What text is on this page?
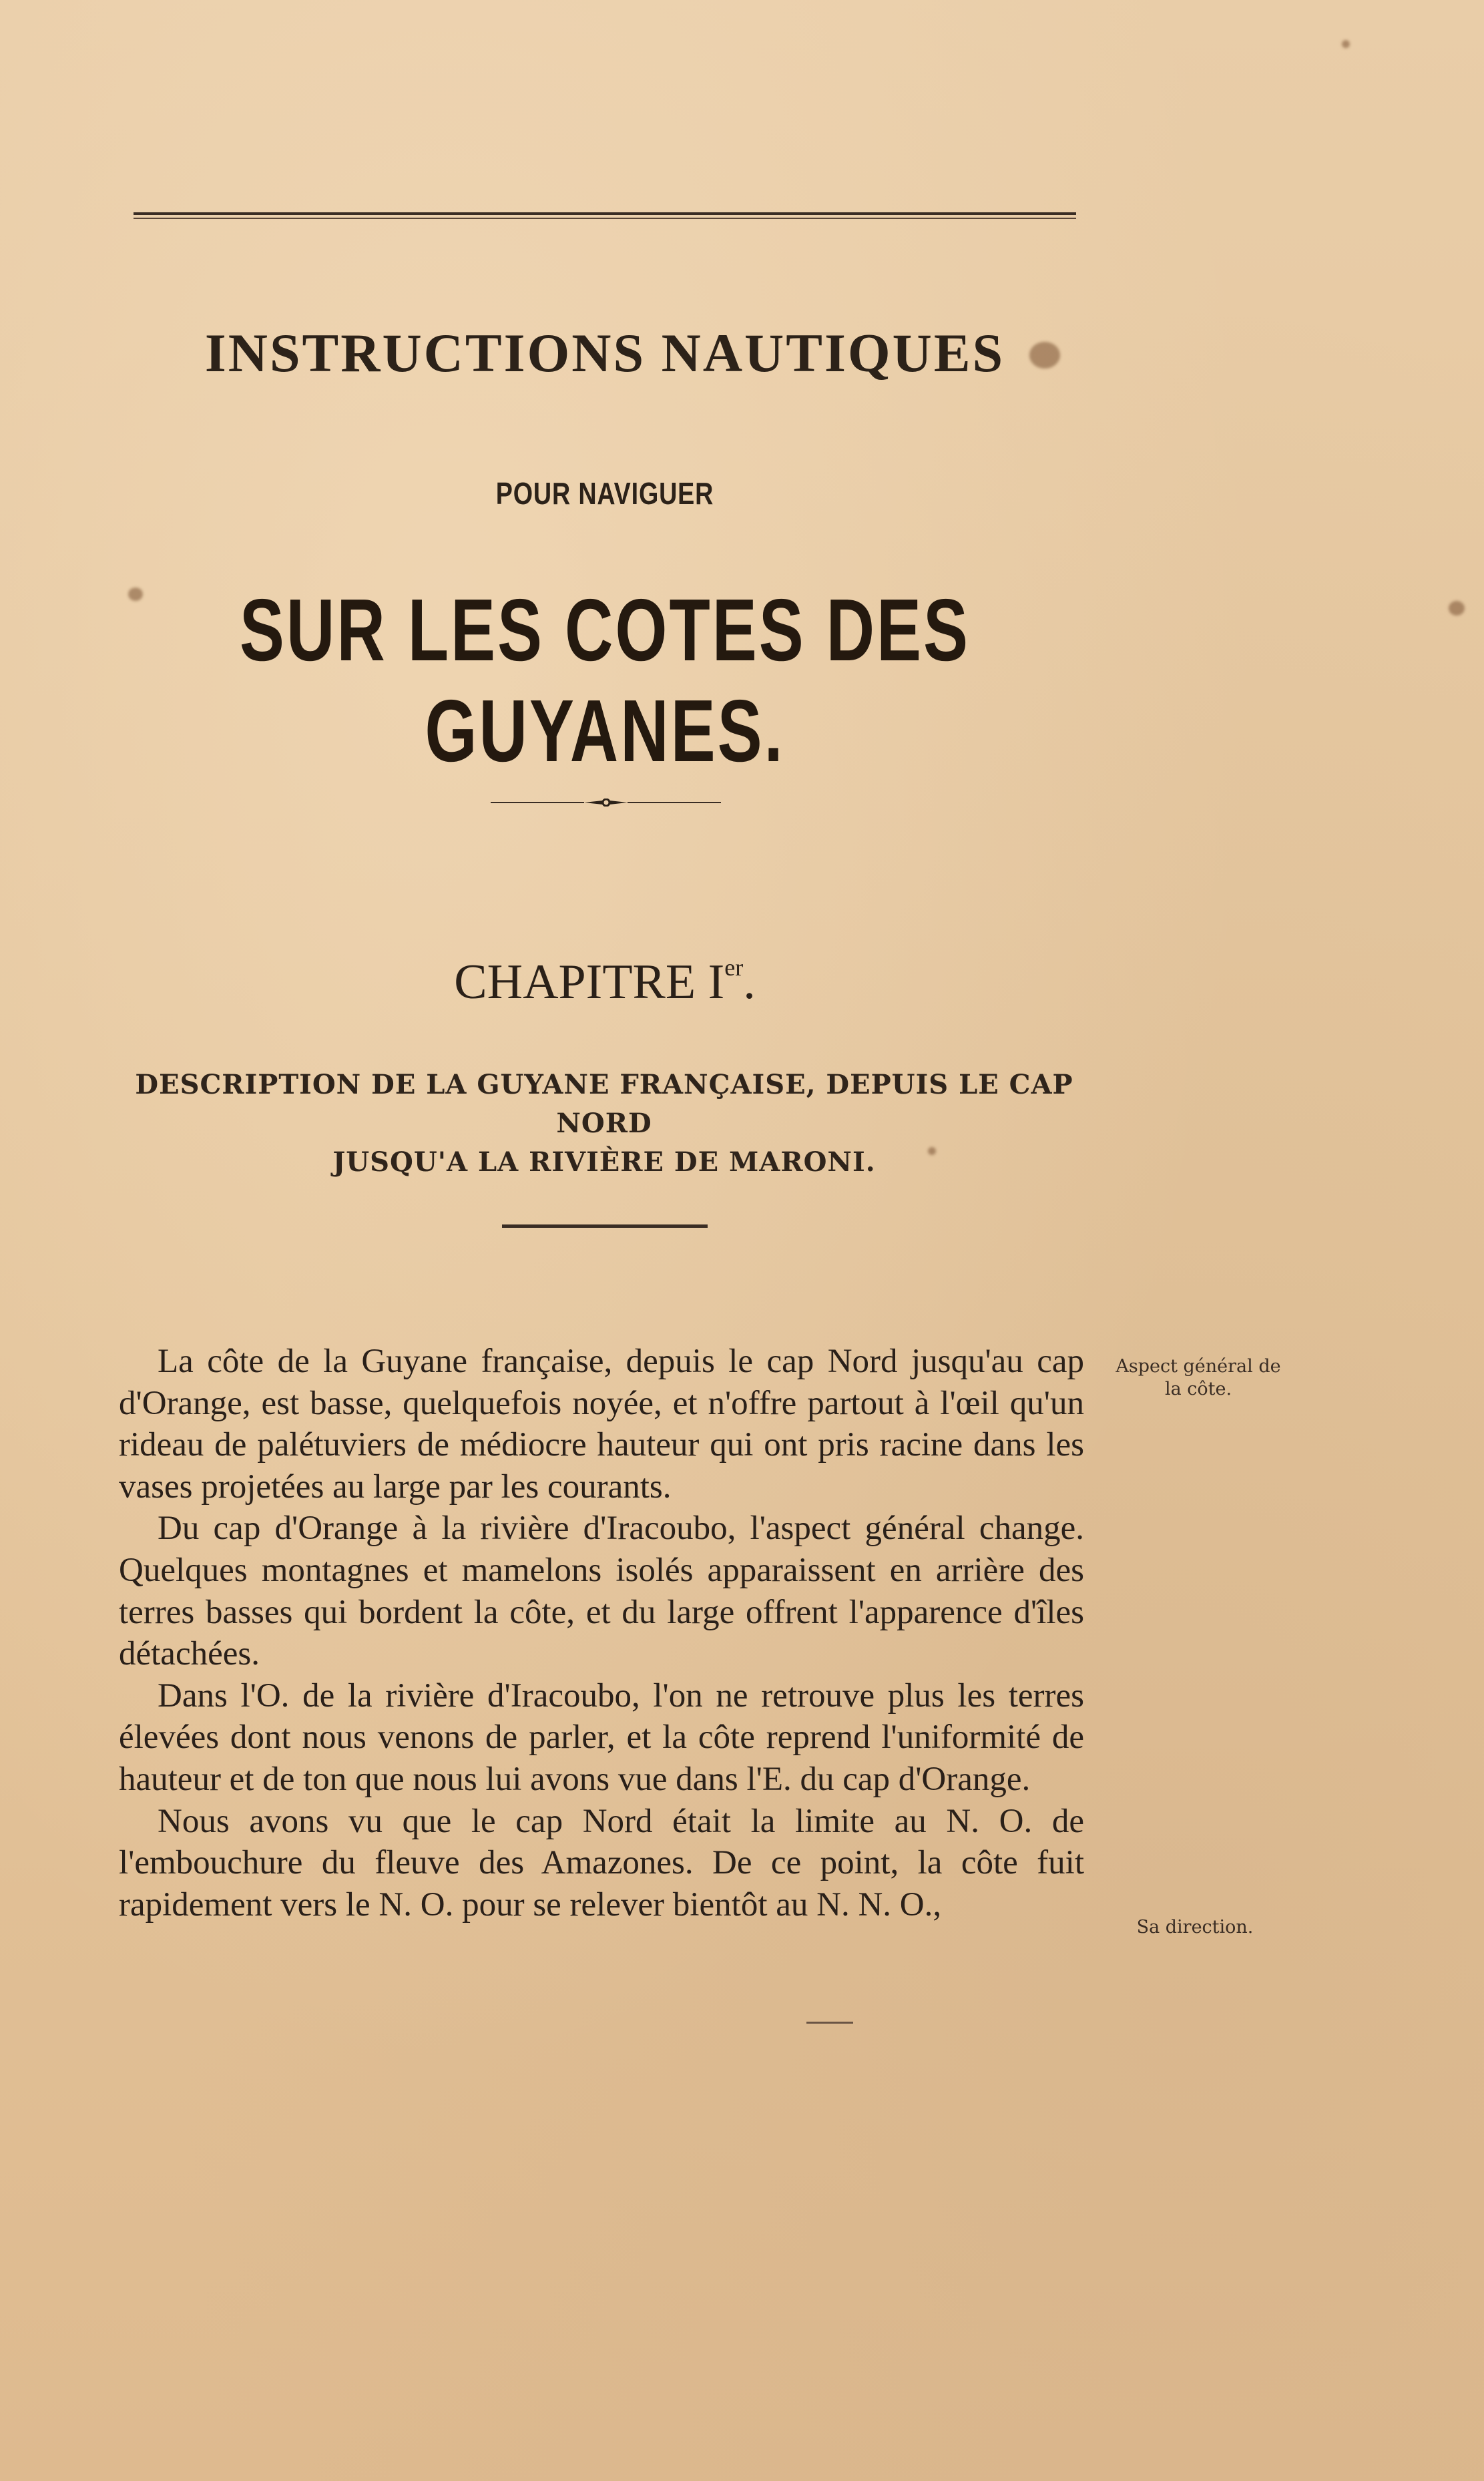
INSTRUCTIONS NAUTIQUES
POUR NAVIGUER
SUR LES COTES DES GUYANES.
CHAPITRE Ier.
DESCRIPTION DE LA GUYANE FRANÇAISE, DEPUIS LE CAP NORD
JUSQU'A LA RIVIÈRE DE MARONI.

La côte de la Guyane française, depuis le cap Nord jusqu'au cap d'Orange, est basse, quelquefois noyée, et n'offre partout à l'œil qu'un rideau de palétuviers de médiocre hauteur qui ont pris racine dans les vases projetées au large par les courants.

Du cap d'Orange à la rivière d'Iracoubo, l'aspect général change. Quelques montagnes et mamelons isolés apparaissent en arrière des terres basses qui bordent la côte, et du large offrent l'apparence d'îles détachées.

Dans l'O. de la rivière d'Iracoubo, l'on ne retrouve plus les terres élevées dont nous venons de parler, et la côte reprend l'uniformité de hauteur et de ton que nous lui avons vue dans l'E. du cap d'Orange.

Nous avons vu que le cap Nord était la limite au N. O. de l'embouchure du fleuve des Amazones. De ce point, la côte fuit rapidement vers le N. O. pour se relever bientôt au N. N. O.,

Aspect général de
la côte.
Sa direction.
